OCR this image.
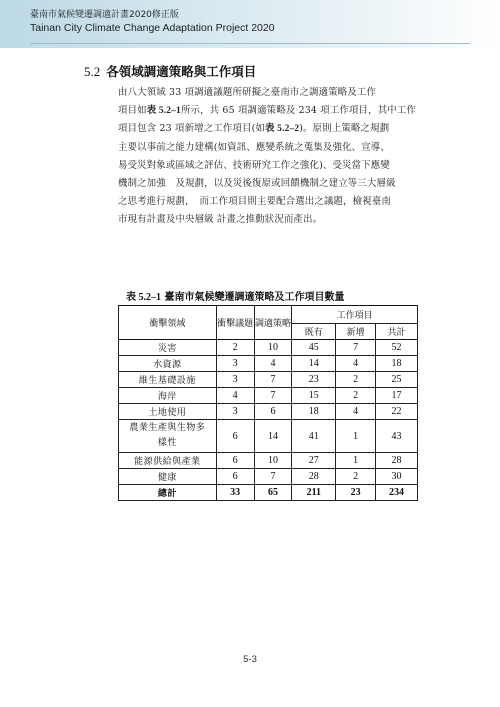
臺南市氣候變遷調適計畫2020修正版
Tainan City Climate Change Adaptation Project 2020
5.2 各領域調適策略與工作項目
由八大領域 33 項調適議題所研擬之臺南市之調適策略及工作
項目如表 5.2–1所示，共 65 項調適策略及 234 項工作項目，其中工作
項目包含 23 項新增之工作項目(如表 5.2–2)。原則上策略之規劃
主要以事前之能力建構(如資訊、應變系統之蒐集及強化、宣導、
易受災對象或區域之評估、技術研究工作之強化)、受災當下應變
機制之加強　及規劃，以及災後復原或回饋機制之建立等三大層級
之思考進行規劃，　而工作項目則主要配合選出之議題，檢視臺南
市現有計畫及中央層級 計畫之推動狀況而產出。
表 5.2–1 臺南市氣候變遷調適策略及工作項目數量
衝擊領域	衝擊議題	調適策略	工作項目		
			既有	新增	共計
災害	2	10	45	7	52
水資源	3	4	14	4	18
維生基礎設施	3	7	23	2	25
海岸	4	7	15	2	17
土地使用	3	6	18	4	22
農業生產與生物多樣性	6	14	41	1	43
能源供給與產業	6	10	27	1	28
健康	6	7	28	2	30
總計	33	65	211	23	234
5-3
